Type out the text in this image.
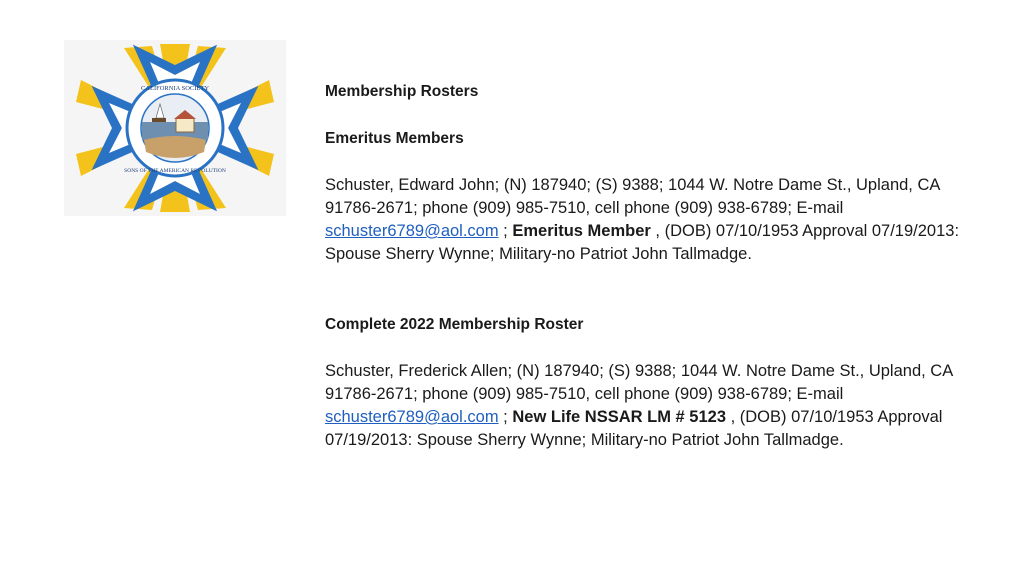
CALIFORNIA SOCIETY
SONS OF THE AMERICAN REVOLUTION

Membership Rosters

Emeritus Members

Schuster, Edward John; (N) 187940; (S) 9388; 1044 W. Notre Dame St., Upland, CA 91786-2671; phone (909) 985-7510, cell phone (909) 938-6789; E-mail schuster6789@aol.com ; Emeritus Member , (DOB) 07/10/1953 Approval 07/19/2013: Spouse Sherry Wynne; Military-no Patriot John Tallmadge.

Complete 2022 Membership Roster

Schuster, Frederick Allen; (N) 187940; (S) 9388; 1044 W. Notre Dame St., Upland, CA 91786-2671; phone (909) 985-7510, cell phone (909) 938-6789; E-mail schuster6789@aol.com ; New Life NSSAR LM # 5123 , (DOB) 07/10/1953 Approval 07/19/2013: Spouse Sherry Wynne; Military-no Patriot John Tallmadge.
